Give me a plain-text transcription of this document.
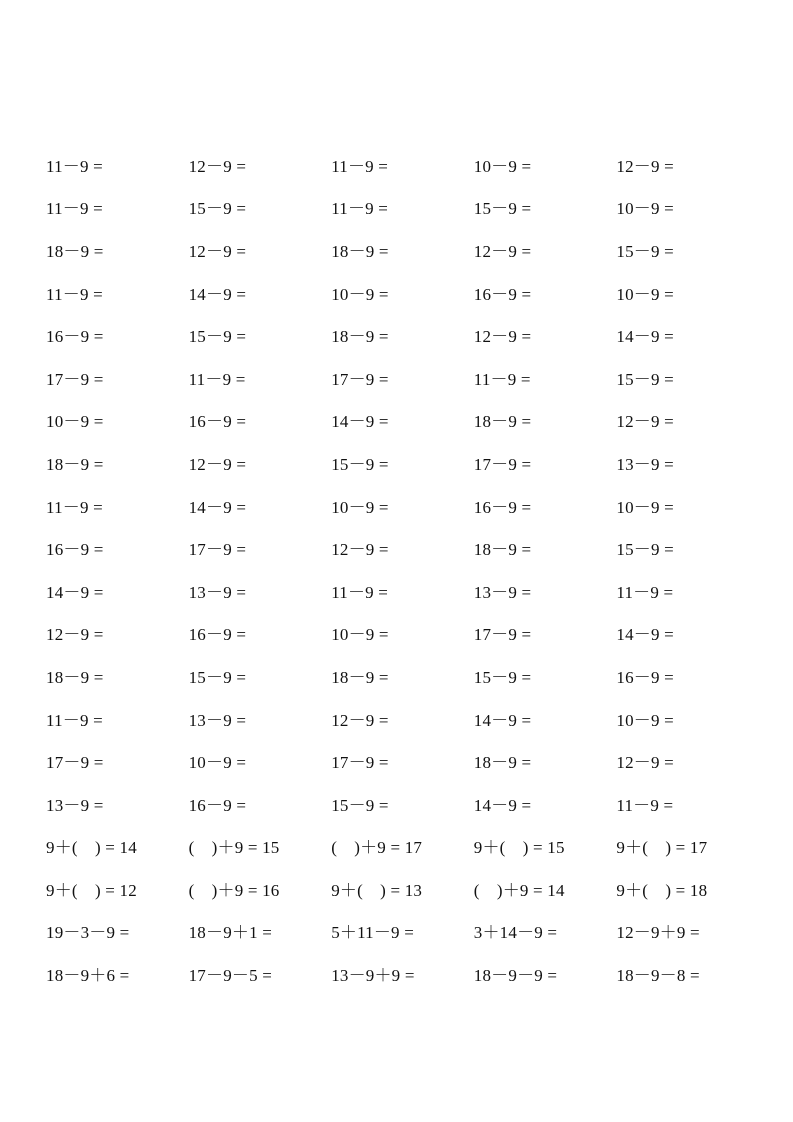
11－9 =	12－9 =	11－9 =	10－9 =	12－9 =
11－9 =	15－9 =	11－9 =	15－9 =	10－9 =
18－9 =	12－9 =	18－9 =	12－9 =	15－9 =
11－9 =	14－9 =	10－9 =	16－9 =	10－9 =
16－9 =	15－9 =	18－9 =	12－9 =	14－9 =
17－9 =	11－9 =	17－9 =	11－9 =	15－9 =
10－9 =	16－9 =	14－9 =	18－9 =	12－9 =
18－9 =	12－9 =	15－9 =	17－9 =	13－9 =
11－9 =	14－9 =	10－9 =	16－9 =	10－9 =
16－9 =	17－9 =	12－9 =	18－9 =	15－9 =
14－9 =	13－9 =	11－9 =	13－9 =	11－9 =
12－9 =	16－9 =	10－9 =	17－9 =	14－9 =
18－9 =	15－9 =	18－9 =	15－9 =	16－9 =
11－9 =	13－9 =	12－9 =	14－9 =	10－9 =
17－9 =	10－9 =	17－9 =	18－9 =	12－9 =
13－9 =	16－9 =	15－9 =	14－9 =	11－9 =
9＋(　) = 14	(　)＋9 = 15	(　)＋9 = 17	9＋(　) = 15	9＋(　) = 17
9＋(　) = 12	(　)＋9 = 16	9＋(　) = 13	(　)＋9 = 14	9＋(　) = 18
19－3－9 =	18－9＋1 =	5＋11－9 =	3＋14－9 =	12－9＋9 =
18－9＋6 =	17－9－5 =	13－9＋9 =	18－9－9 =	18－9－8 =
